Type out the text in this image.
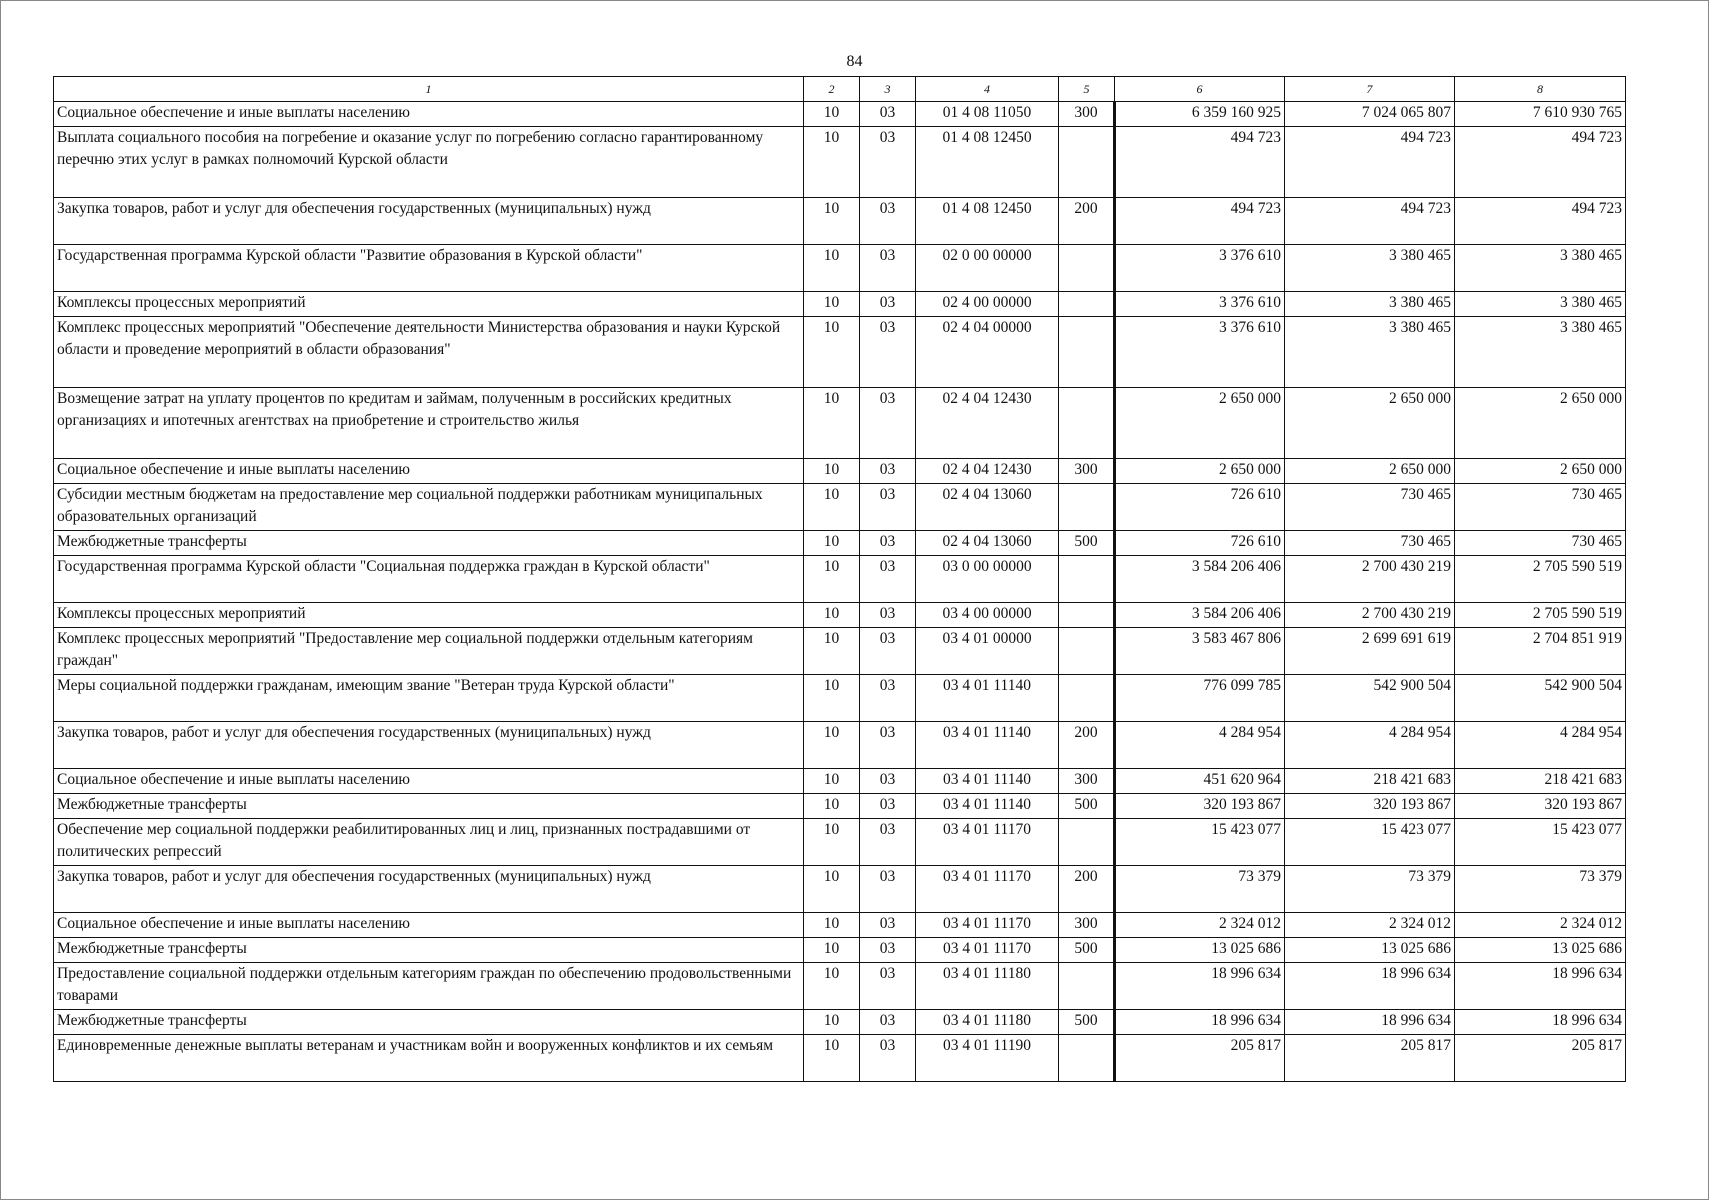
84
1	2	3	4	5	6	7	8
Социальное обеспечение и иные выплаты населению	10	03	01 4 08 11050	300	6 359 160 925	7 024 065 807	7 610 930 765
Выплата социального пособия на погребение и оказание услуг по погребению согласно гарантированному перечню этих услуг в рамках полномочий Курской области	10	03	01 4 08 12450		494 723	494 723	494 723
Закупка товаров, работ и услуг для обеспечения государственных (муниципальных) нужд	10	03	01 4 08 12450	200	494 723	494 723	494 723
Государственная программа Курской области "Развитие образования в Курской области"	10	03	02 0 00 00000		3 376 610	3 380 465	3 380 465
Комплексы процессных мероприятий	10	03	02 4 00 00000		3 376 610	3 380 465	3 380 465
Комплекс процессных мероприятий "Обеспечение деятельности Министерства образования и науки Курской области и проведение мероприятий в области образования"	10	03	02 4 04 00000		3 376 610	3 380 465	3 380 465
Возмещение затрат на уплату процентов по кредитам и займам, полученным в российских кредитных организациях и ипотечных агентствах на приобретение и строительство жилья	10	03	02 4 04 12430		2 650 000	2 650 000	2 650 000
Социальное обеспечение и иные выплаты населению	10	03	02 4 04 12430	300	2 650 000	2 650 000	2 650 000
Субсидии местным бюджетам на предоставление мер социальной поддержки работникам муниципальных образовательных организаций	10	03	02 4 04 13060		726 610	730 465	730 465
Межбюджетные трансферты	10	03	02 4 04 13060	500	726 610	730 465	730 465
Государственная программа Курской области "Социальная поддержка граждан в Курской области"	10	03	03 0 00 00000		3 584 206 406	2 700 430 219	2 705 590 519
Комплексы процессных мероприятий	10	03	03 4 00 00000		3 584 206 406	2 700 430 219	2 705 590 519
Комплекс процессных мероприятий "Предоставление мер социальной поддержки отдельным категориям граждан"	10	03	03 4 01 00000		3 583 467 806	2 699 691 619	2 704 851 919
Меры социальной поддержки гражданам, имеющим звание "Ветеран труда Курской области"	10	03	03 4 01 11140		776 099 785	542 900 504	542 900 504
Закупка товаров, работ и услуг для обеспечения государственных (муниципальных) нужд	10	03	03 4 01 11140	200	4 284 954	4 284 954	4 284 954
Социальное обеспечение и иные выплаты населению	10	03	03 4 01 11140	300	451 620 964	218 421 683	218 421 683
Межбюджетные трансферты	10	03	03 4 01 11140	500	320 193 867	320 193 867	320 193 867
Обеспечение мер социальной поддержки реабилитированных лиц и лиц, признанных пострадавшими от политических репрессий	10	03	03 4 01 11170		15 423 077	15 423 077	15 423 077
Закупка товаров, работ и услуг для обеспечения государственных (муниципальных) нужд	10	03	03 4 01 11170	200	73 379	73 379	73 379
Социальное обеспечение и иные выплаты населению	10	03	03 4 01 11170	300	2 324 012	2 324 012	2 324 012
Межбюджетные трансферты	10	03	03 4 01 11170	500	13 025 686	13 025 686	13 025 686
Предоставление социальной поддержки отдельным категориям граждан по обеспечению продовольственными товарами	10	03	03 4 01 11180		18 996 634	18 996 634	18 996 634
Межбюджетные трансферты	10	03	03 4 01 11180	500	18 996 634	18 996 634	18 996 634
Единовременные денежные выплаты ветеранам и участникам войн и вооруженных конфликтов и их семьям	10	03	03 4 01 11190		205 817	205 817	205 817
